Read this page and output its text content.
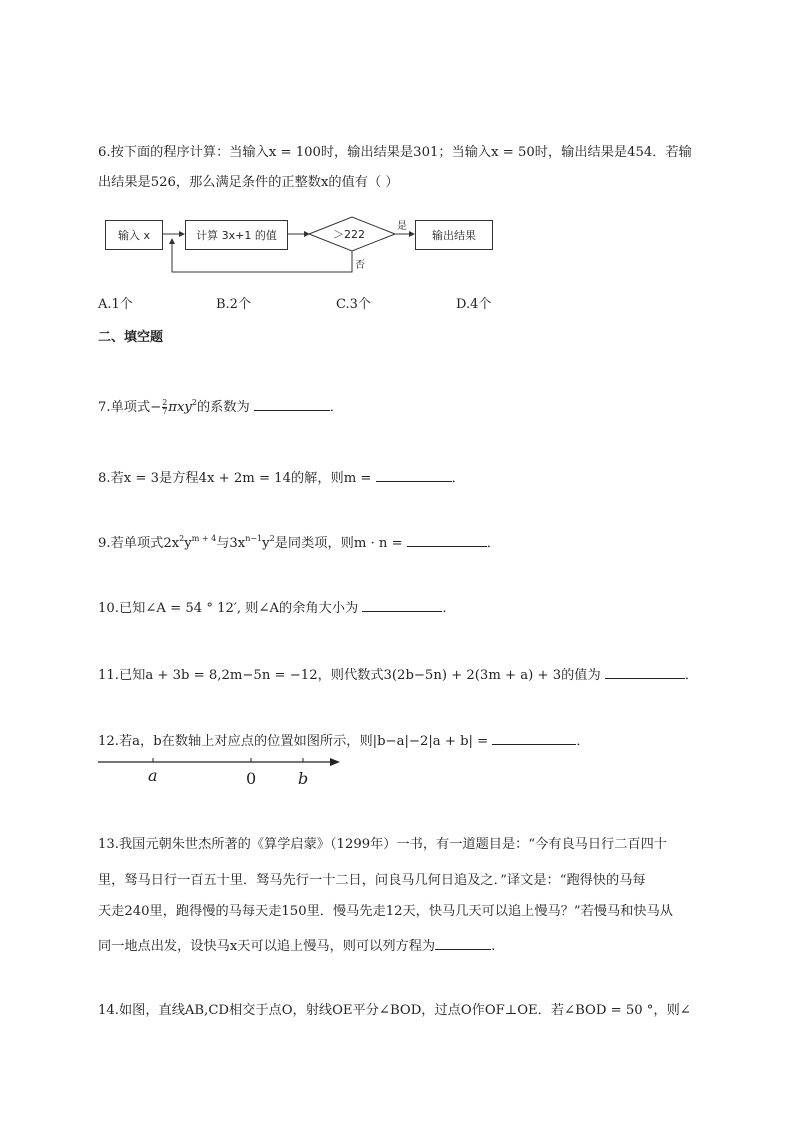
6.按下面的程序计算：当输入x = 100时，输出结果是301；当输入x = 50时，输出结果是454．若输
出结果是526，那么满足条件的正整数x的值有（ ）
输入 x	计算 3x+1 的值	＞222	输出结果
是
否
A.1个	B.2个	C.3个	D.4个
二、填空题
7.单项式− $\frac{2}{7} \pi xy^2$的系数为	．
8.若x = 3是方程4x + 2m = 14的解，则m =	．
9.若单项式$2x^2y^{m + 4}$与$3x^{n-1}y^2$是同类项，则m · n =	．
10.已知∠A = 54 ° 12′, 则∠A的余角大小为	．
11.已知a + 3b = 8,2m−5n = −12，则代数式3(2b−5n) + 2(3m + a) + 3的值为	．
12.若a，b在数轴上对应点的位置如图所示，则|b−a|−2|a + b| =	．
a	0	b
13.我国元朝朱世杰所著的《算学启蒙》（1299年）一书，有一道题目是：“今有良马日行二百四十
里，驽马日行一百五十里．驽马先行一十二日，问良马几何日追及之．”译文是：“跑得快的马每
天走240里，跑得慢的马每天走150里．慢马先走12天，快马几天可以追上慢马？”若慢马和快马从
同一地点出发，设快马x天可以追上慢马，则可以列方程为	.
14.如图，直线AB,CD相交于点O，射线OE平分∠BOD，过点O作OF⊥OE．若∠BOD = 50 °，则∠
